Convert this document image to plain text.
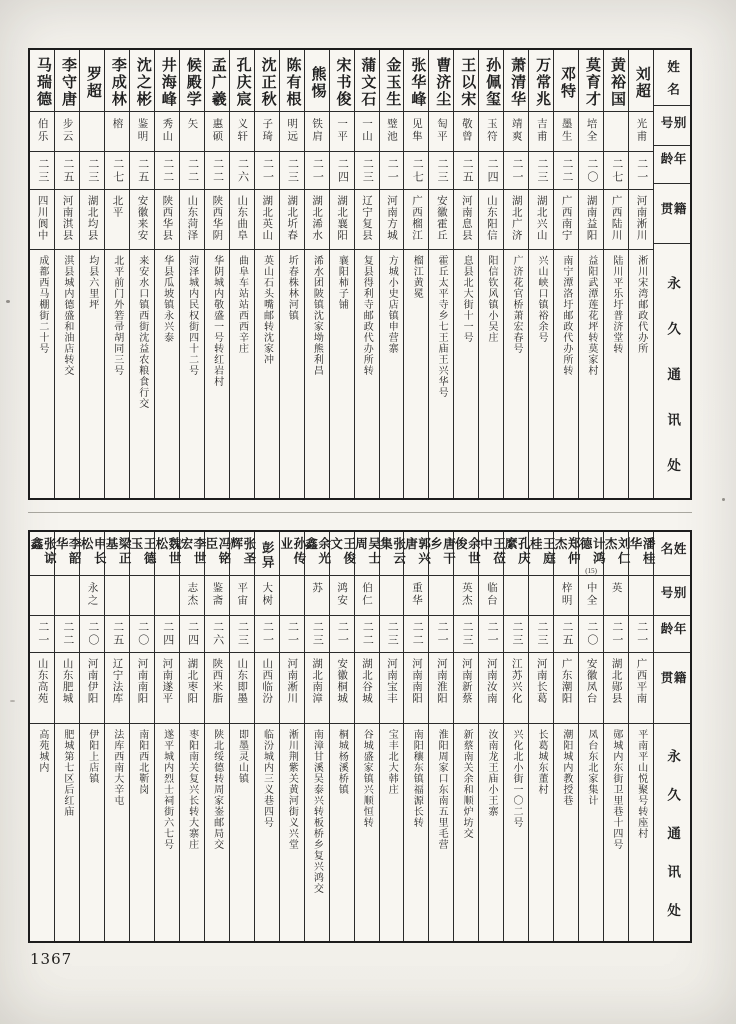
姓名
别号
年龄
籍贯
永久通讯处
刘超
光甫
二一
河南淅川
淅川宋湾邮政代办所
黄裕国
二七
广西陆川
陆川平乐圩普济堂转
莫育才
培全
二〇
湖南益阳
益阳武潭莲花坪转莫家村
邓特
墨生
二二
广西南宁
南宁潭洛圩邮政代办所转
万常兆
吉甫
二三
湖北兴山
兴山峡口镇裕余号
萧清华
靖爽
二一
湖北广济
广济花官桥萧宏春号
孙佩玺
玉符
二四
山东阳信
阳信钦风镇小吴庄
王以宋
敬曾
二五
河南息县
息县北大街十一号
曹济尘
匋平
二三
安徽霍丘
霍丘太平寺乡七王庙王兴华号
张华峰
见隼
二七
广西榴江
榴江黄冕
金玉生
璧池
二一
河南方城
方城小史店镇申营寨
蒲文石
一山
二三
辽宁复县
复县得利寺邮政代办所转
宋书俊
一平
二四
湖北襄阳
襄阳柿子铺
熊惕
铁肩
二一
湖北浠水
浠水团陂镇沈家坳熊利昌
陈有根
明远
二三
湖北圻春
圻春株林河镇
沈正秋
子琦
二一
湖北英山
英山石头嘴邮转沈家冲
孔庆宸
义轩
二六
山东曲阜
曲阜车站站西西辛庄
孟广羲
惠硕
二二
陕西华阴
华阴城内敬盛一号转红岩村
候殿学
矢
二二
山东菏泽
菏泽城内民权街四十二号
井海峰
秀山
二二
陕西华县
华县瓜坡镇永兴泰
沈之彬
鉴明
二五
安徽来安
来安水口镇西街沈益农粮食行交
李成林
榕
二七
北平
北平前门外箬帚胡同三号
罗超
二三
湖北均县
均县六里坪
李守唐
步云
二五
河南淇县
淇县城内德盛和油店转交
马瑞德
伯乐
二三
四川阆中
成都西马棚街二十号
姓名
别号
年龄
籍贯
永久通讯处
潘桂华
二一
广西平南
平南平山悦聚号转座村
刘仁杰
英
二一
湖北郧县
郧城内东街卫里巷十四号
计鸿德
(15)
中全
二〇
安徽凤台
凤台东北家集计
郑仲杰
梓明
二五
广东潮阳
潮阳城内教授巷
王庭桂
二三
河南长葛
长葛城东董村
孔庆縻
二三
江苏兴化
兴化北小街一〇二号
王莅中
临台
二一
河南汝南
汝南龙王庙小王寨
余世俊
英杰
二三
河南新蔡
新蔡南关余和顺炉坊交
唐干乡
二一
河南淮阳
淮阳周家口东南五里毛营
郭兴唐
重华
二二
河南南阳
南阳穰东镇福源长转
张云集
二三
河南宝丰
宝丰北大韩庄
吴士周
伯仁
二二
湖北谷城
谷城盛家镇兴顺恒转
王俊文
鸿安
二一
安徽桐城
桐城杨溪桥镇
余光鑫
苏
二三
湖北南漳
南漳甘溪吴泰兴转板桥乡复兴鸿交
孙传业
二一
河南淅川
淅川荆紫关黄河街义兴堂
彭异
大树
二一
山西临汾
临汾城内三义巷四号
张圣辉
平宙
二三
山东即墨
即墨灵山镇
冯铭臣
鉴斋
二六
陕西米脂
陕北绥德转周家崟邮局交
李世宏
志杰
二四
湖北枣阳
枣阳南关复兴长转大寨庄
魏世松
二四
河南遂平
遂平城内烈士祠街六七号
王德玉
二〇
河南南阳
南阳西北靳岗
梁正基
二五
辽宁法库
法库西南大辛屯
申长松
永之
二〇
河南伊阳
伊阳上店镇
李韶华
二二
山东肥城
肥城第七区后红庙
张谅鑫
二一
山东高苑
高苑城内
1367
